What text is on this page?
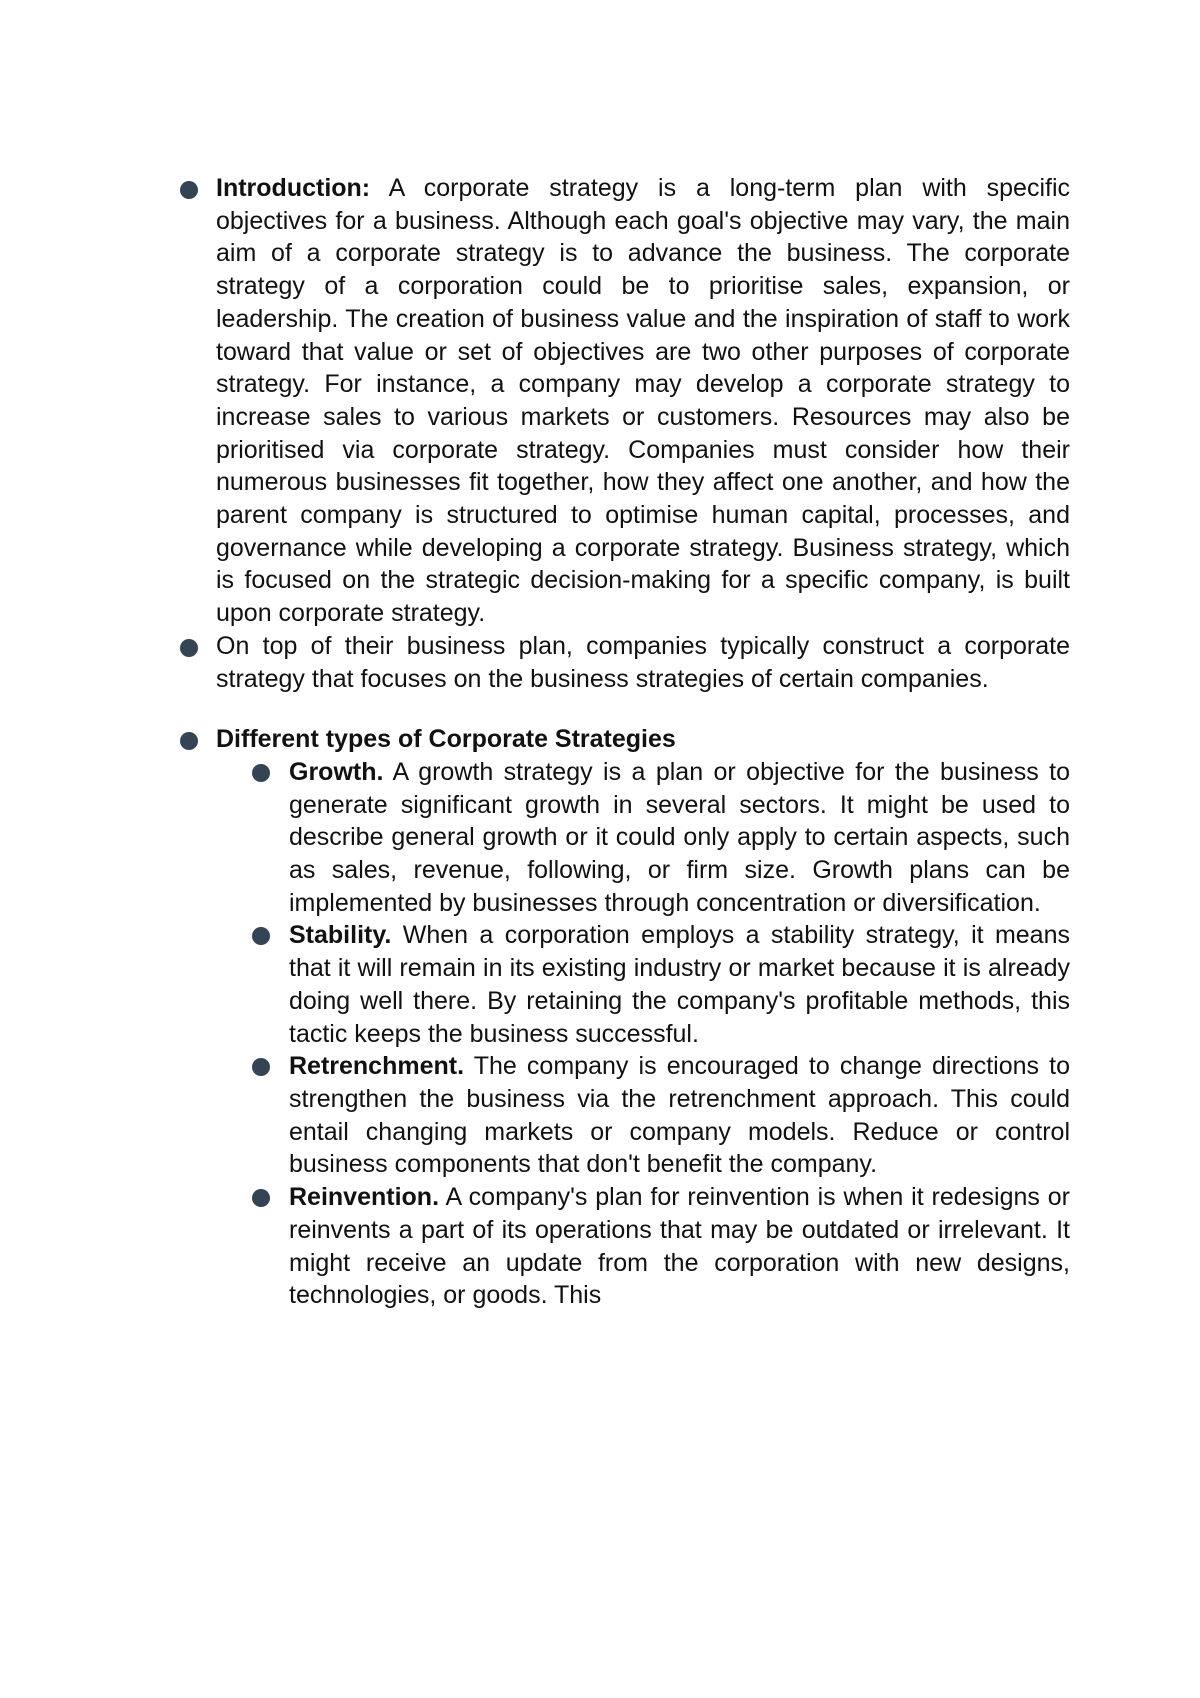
Introduction: A corporate strategy is a long-term plan with specific objectives for a business. Although each goal's objective may vary, the main aim of a corporate strategy is to advance the business. The corporate strategy of a corporation could be to prioritise sales, expansion, or leadership. The creation of business value and the inspiration of staff to work toward that value or set of objectives are two other purposes of corporate strategy. For instance, a company may develop a corporate strategy to increase sales to various markets or customers. Resources may also be prioritised via corporate strategy. Companies must consider how their numerous businesses fit together, how they affect one another, and how the parent company is structured to optimise human capital, processes, and governance while developing a corporate strategy. Business strategy, which is focused on the strategic decision-making for a specific company, is built upon corporate strategy.
On top of their business plan, companies typically construct a corporate strategy that focuses on the business strategies of certain companies.
Different types of Corporate Strategies
Growth. A growth strategy is a plan or objective for the business to generate significant growth in several sectors. It might be used to describe general growth or it could only apply to certain aspects, such as sales, revenue, following, or firm size. Growth plans can be implemented by businesses through concentration or diversification.
Stability. When a corporation employs a stability strategy, it means that it will remain in its existing industry or market because it is already doing well there. By retaining the company's profitable methods, this tactic keeps the business successful.
Retrenchment. The company is encouraged to change directions to strengthen the business via the retrenchment approach. This could entail changing markets or company models. Reduce or control business components that don't benefit the company.
Reinvention. A company's plan for reinvention is when it redesigns or reinvents a part of its operations that may be outdated or irrelevant. It might receive an update from the corporation with new designs, technologies, or goods. This
